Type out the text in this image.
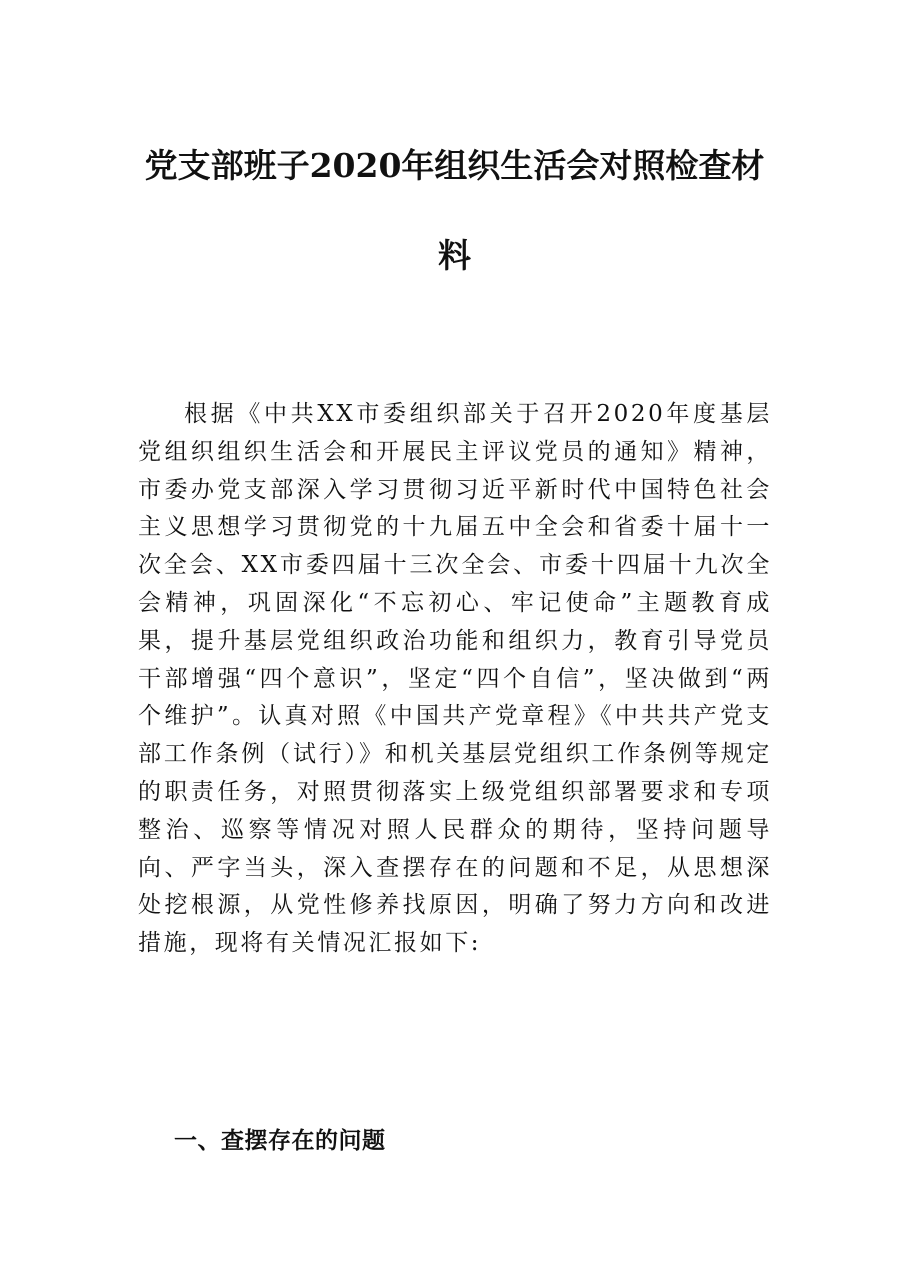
党支部班子2020年组织生活会对照检查材
料

根据《中共XX市委组织部关于召开2020年度基层党组织组织生活会和开展民主评议党员的通知》精神，市委办党支部深入学习贯彻习近平新时代中国特色社会主义思想学习贯彻党的十九届五中全会和省委十届十一次全会、XX市委四届十三次全会、市委十四届十九次全会精神，巩固深化“不忘初心、牢记使命”主题教育成果，提升基层党组织政治功能和组织力，教育引导党员干部增强“四个意识”，坚定“四个自信”，坚决做到“两个维护”。认真对照《中国共产党章程》《中共共产党支部工作条例（试行）》和机关基层党组织工作条例等规定的职责任务，对照贯彻落实上级党组织部署要求和专项整治、巡察等情况对照人民群众的期待，坚持问题导向、严字当头，深入查摆存在的问题和不足，从思想深处挖根源，从党性修养找原因，明确了努力方向和改进措施，现将有关情况汇报如下:

一、查摆存在的问题
